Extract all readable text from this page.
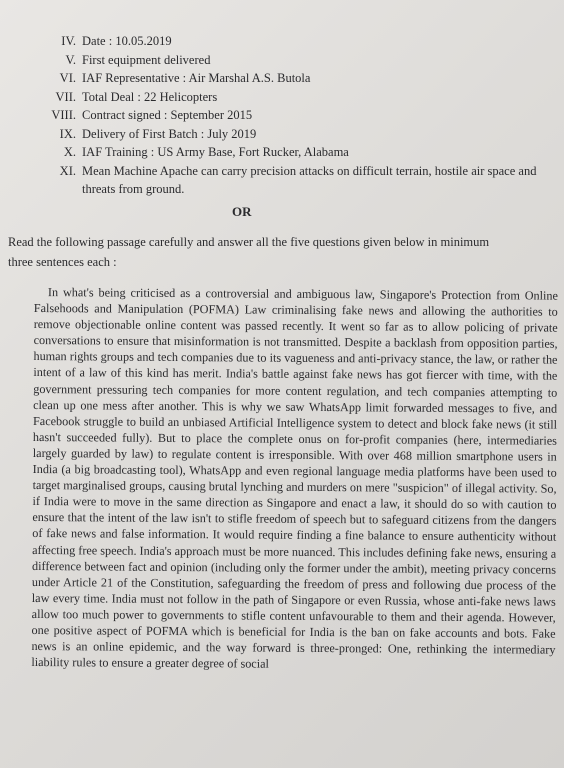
IV. Date : 10.05.2019
V. First equipment delivered
VI. IAF Representative : Air Marshal A.S. Butola
VII. Total Deal : 22 Helicopters
VIII. Contract signed : September 2015
IX. Delivery of First Batch : July 2019
X. IAF Training : US Army Base, Fort Rucker, Alabama
XI. Mean Machine Apache can carry precision attacks on difficult terrain, hostile air space and threats from ground.
OR
Read the following passage carefully and answer all the five questions given below in minimum three sentences each :

In what's being criticised as a controversial and ambiguous law, Singapore's Protection from Online Falsehoods and Manipulation (POFMA) Law criminalising fake news and allowing the authorities to remove objectionable online content was passed recently. It went so far as to allow policing of private conversations to ensure that misinformation is not transmitted. Despite a backlash from opposition parties, human rights groups and tech companies due to its vagueness and anti-privacy stance, the law, or rather the intent of a law of this kind has merit. India's battle against fake news has got fiercer with time, with the government pressuring tech companies for more content regulation, and tech companies attempting to clean up one mess after another. This is why we saw WhatsApp limit forwarded messages to five, and Facebook struggle to build an unbiased Artificial Intelligence system to detect and block fake news (it still hasn't succeeded fully). But to place the complete onus on for-profit companies (here, intermediaries largely guarded by law) to regulate content is irresponsible. With over 468 million smartphone users in India (a big broadcasting tool), WhatsApp and even regional language media platforms have been used to target marginalised groups, causing brutal lynching and murders on mere "suspicion" of illegal activity. So, if India were to move in the same direction as Singapore and enact a law, it should do so with caution to ensure that the intent of the law isn't to stifle freedom of speech but to safeguard citizens from the dangers of fake news and false information. It would require finding a fine balance to ensure authenticity without affecting free speech. India's approach must be more nuanced. This includes defining fake news, ensuring a difference between fact and opinion (including only the former under the ambit), meeting privacy concerns under Article 21 of the Constitution, safeguarding the freedom of press and following due process of the law every time. India must not follow in the path of Singapore or even Russia, whose anti-fake news laws allow too much power to governments to stifle content unfavourable to them and their agenda. However, one positive aspect of POFMA which is beneficial for India is the ban on fake accounts and bots. Fake news is an online epidemic, and the way forward is three-pronged: One, rethinking the intermediary liability rules to ensure a greater degree of social
